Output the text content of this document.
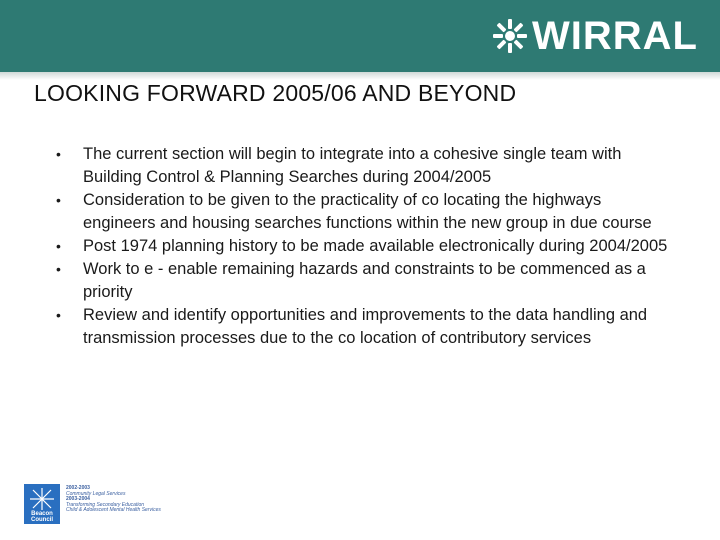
WIRRAL
LOOKING FORWARD 2005/06 AND BEYOND
• The current section will begin to integrate into a cohesive single team with Building Control & Planning Searches during 2004/2005
• Consideration to be given to the practicality of co locating the highways engineers and housing searches functions within the new group in due course
• Post 1974 planning history to be made available electronically during 2004/2005
• Work to e - enable remaining hazards and constraints to be commenced as a priority
• Review and identify opportunities and improvements to the data handling and transmission processes due to the co location of contributory services
Beacon Council
2002-2003
Community Legal Services
2003-2004
Transforming Secondary Education
Child & Adolescent Mental Health Services
